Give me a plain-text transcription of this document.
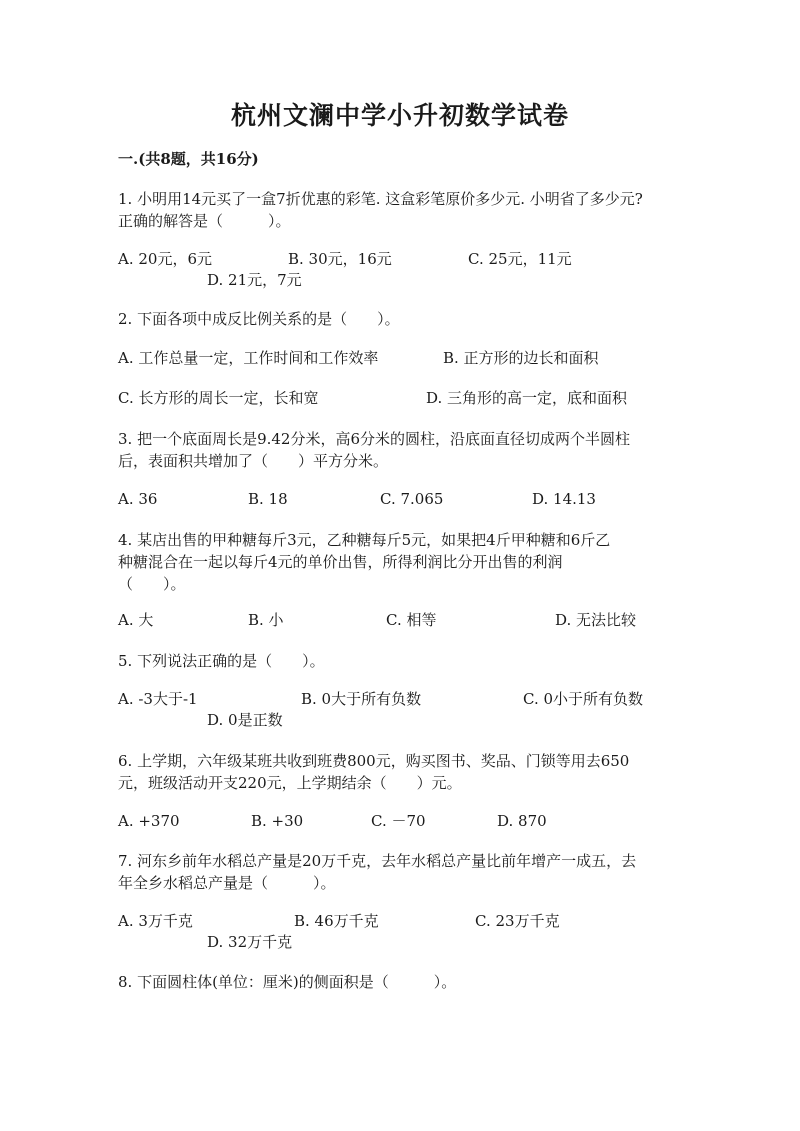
杭州文澜中学小升初数学试卷
一.(共8题，共16分)
1. 小明用14元买了一盒7折优惠的彩笔. 这盒彩笔原价多少元. 小明省了多少元?
正确的解答是（　　　）。
A. 20元，6元	B. 30元，16元	C. 25元，11元
D. 21元，7元
2. 下面各项中成反比例关系的是（　　）。
A. 工作总量一定，工作时间和工作效率	B. 正方形的边长和面积
C. 长方形的周长一定，长和宽	D. 三角形的高一定，底和面积
3. 把一个底面周长是9.42分米，高6分米的圆柱，沿底面直径切成两个半圆柱
后，表面积共增加了（　　）平方分米。
A. 36	B. 18	C. 7.065	D. 14.13
4. 某店出售的甲种糖每斤3元，乙种糖每斤5元，如果把4斤甲种糖和6斤乙
种糖混合在一起以每斤4元的单价出售，所得利润比分开出售的利润
（　　）。
A. 大	B. 小	C. 相等	D. 无法比较
5. 下列说法正确的是（　　）。
A. -3大于-1	B. 0大于所有负数	C. 0小于所有负数
D. 0是正数
6. 上学期，六年级某班共收到班费800元，购买图书、奖品、门锁等用去650
元，班级活动开支220元，上学期结余（　　）元。
A. +370	B. +30	C. －70	D. 870
7. 河东乡前年水稻总产量是20万千克，去年水稻总产量比前年增产一成五，去
年全乡水稻总产量是（　　　）。
A. 3万千克	B. 46万千克	C. 23万千克
D. 32万千克
8. 下面圆柱体(单位：厘米)的侧面积是（　　　）。
